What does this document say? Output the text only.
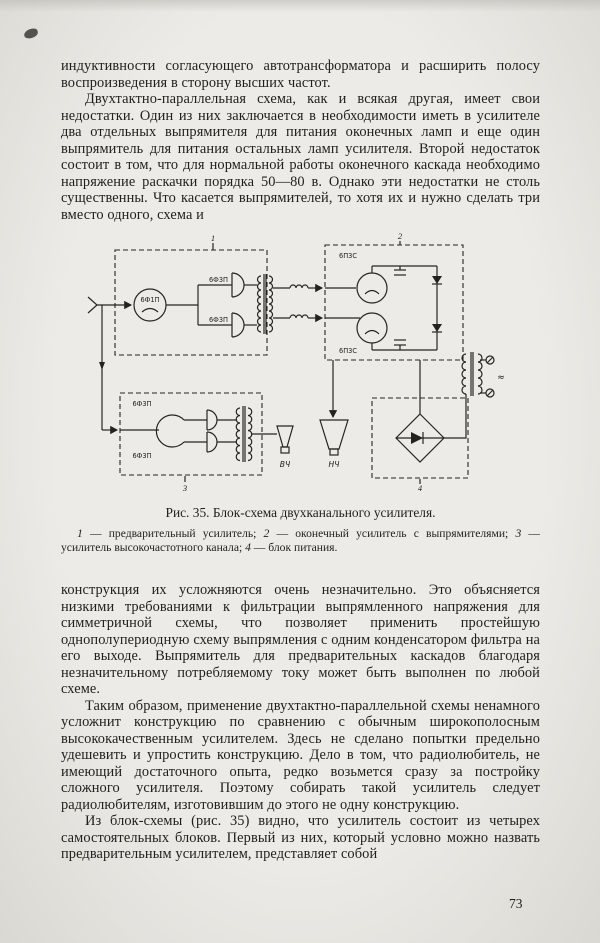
индуктивности согласующего автотрансформатора и расширить полосу воспроизведения в сторону высших частот.

Двухтактно-параллельная схема, как и всякая другая, имеет свои недостатки. Один из них заключается в необходимости иметь в усилителе два отдельных выпрямителя для питания оконечных ламп и еще один выпрямитель для питания остальных ламп усилителя. Второй недостаток состоит в том, что для нормальной работы оконечного каскада необходимо напряжение раскачки порядка 50—80 в. Однако эти недостатки не столь существенны. Что касается выпрямителей, то хотя их и нужно сделать три вместо одного, схема и

1	2
3	4
6Ф1П
6Ф3П
6Ф3П
6П3С
6П3С
6Ф3П
6Ф3П
ВЧ	НЧ
≈
Рис. 35. Блок-схема двухканального усилителя.
1 — предварительный усилитель; 2 — оконечный усилитель с выпрямителями; 3 — усилитель высокочастотного канала; 4 — блок питания.

конструкция их усложняются очень незначительно. Это объясняется низкими требованиями к фильтрации выпрямленного напряжения для симметричной схемы, что позволяет применить простейшую однополупериодную схему выпрямления с одним конденсатором фильтра на его выходе. Выпрямитель для предварительных каскадов благодаря незначительному потребляемому току может быть выполнен по любой схеме.

Таким образом, применение двухтактно-параллельной схемы ненамного усложнит конструкцию по сравнению с обычным широкополосным высококачественным усилителем. Здесь не сделано попытки предельно удешевить и упростить конструкцию. Дело в том, что радиолюбитель, не имеющий достаточного опыта, редко возьмется сразу за постройку сложного усилителя. Поэтому собирать такой усилитель следует радиолюбителям, изготовившим до этого не одну конструкцию.

Из блок-схемы (рис. 35) видно, что усилитель состоит из четырех самостоятельных блоков. Первый из них, который условно можно назвать предварительным усилителем, представляет собой

73
